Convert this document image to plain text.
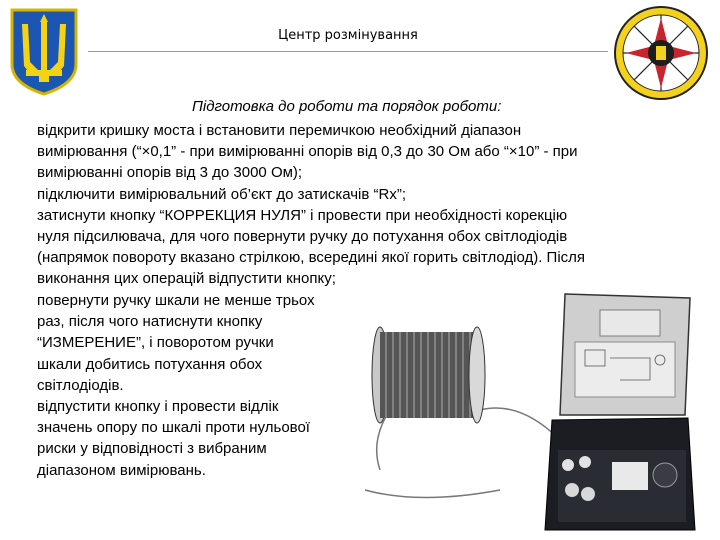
Центр розмінування
Підготовка до роботи та порядок роботи:

відкрити кришку моста і встановити перемичкою необхідний діапазон

вимірювання (“×0,1” - при вимірюванні опорів від 0,3 до 30 Ом або “×10” - при

вимірюванні опорів від 3 до 3000 Ом);

підключити вимірювальний об’єкт до затискачів “Rх”;

затиснути кнопку “КОРРЕКЦИЯ НУЛЯ” і провести при необхідності корекцію

нуля підсилювача, для чого повернути ручку до потухання обох світлодіодів

(напрямок повороту вказано стрілкою, всередині якої горить світлодіод). Після

виконання цих операцій відпустити кнопку;

повернути ручку шкали не менше трьох

раз, після чого натиснути кнопку

“ИЗМЕРЕНИЕ”, і поворотом ручки

шкали добитись потухання обох

світлодіодів.

відпустити кнопку і провести відлік

значень опору по шкалі проти нульової

риски у відповідності з вибраним

діапазоном вимірювань.
